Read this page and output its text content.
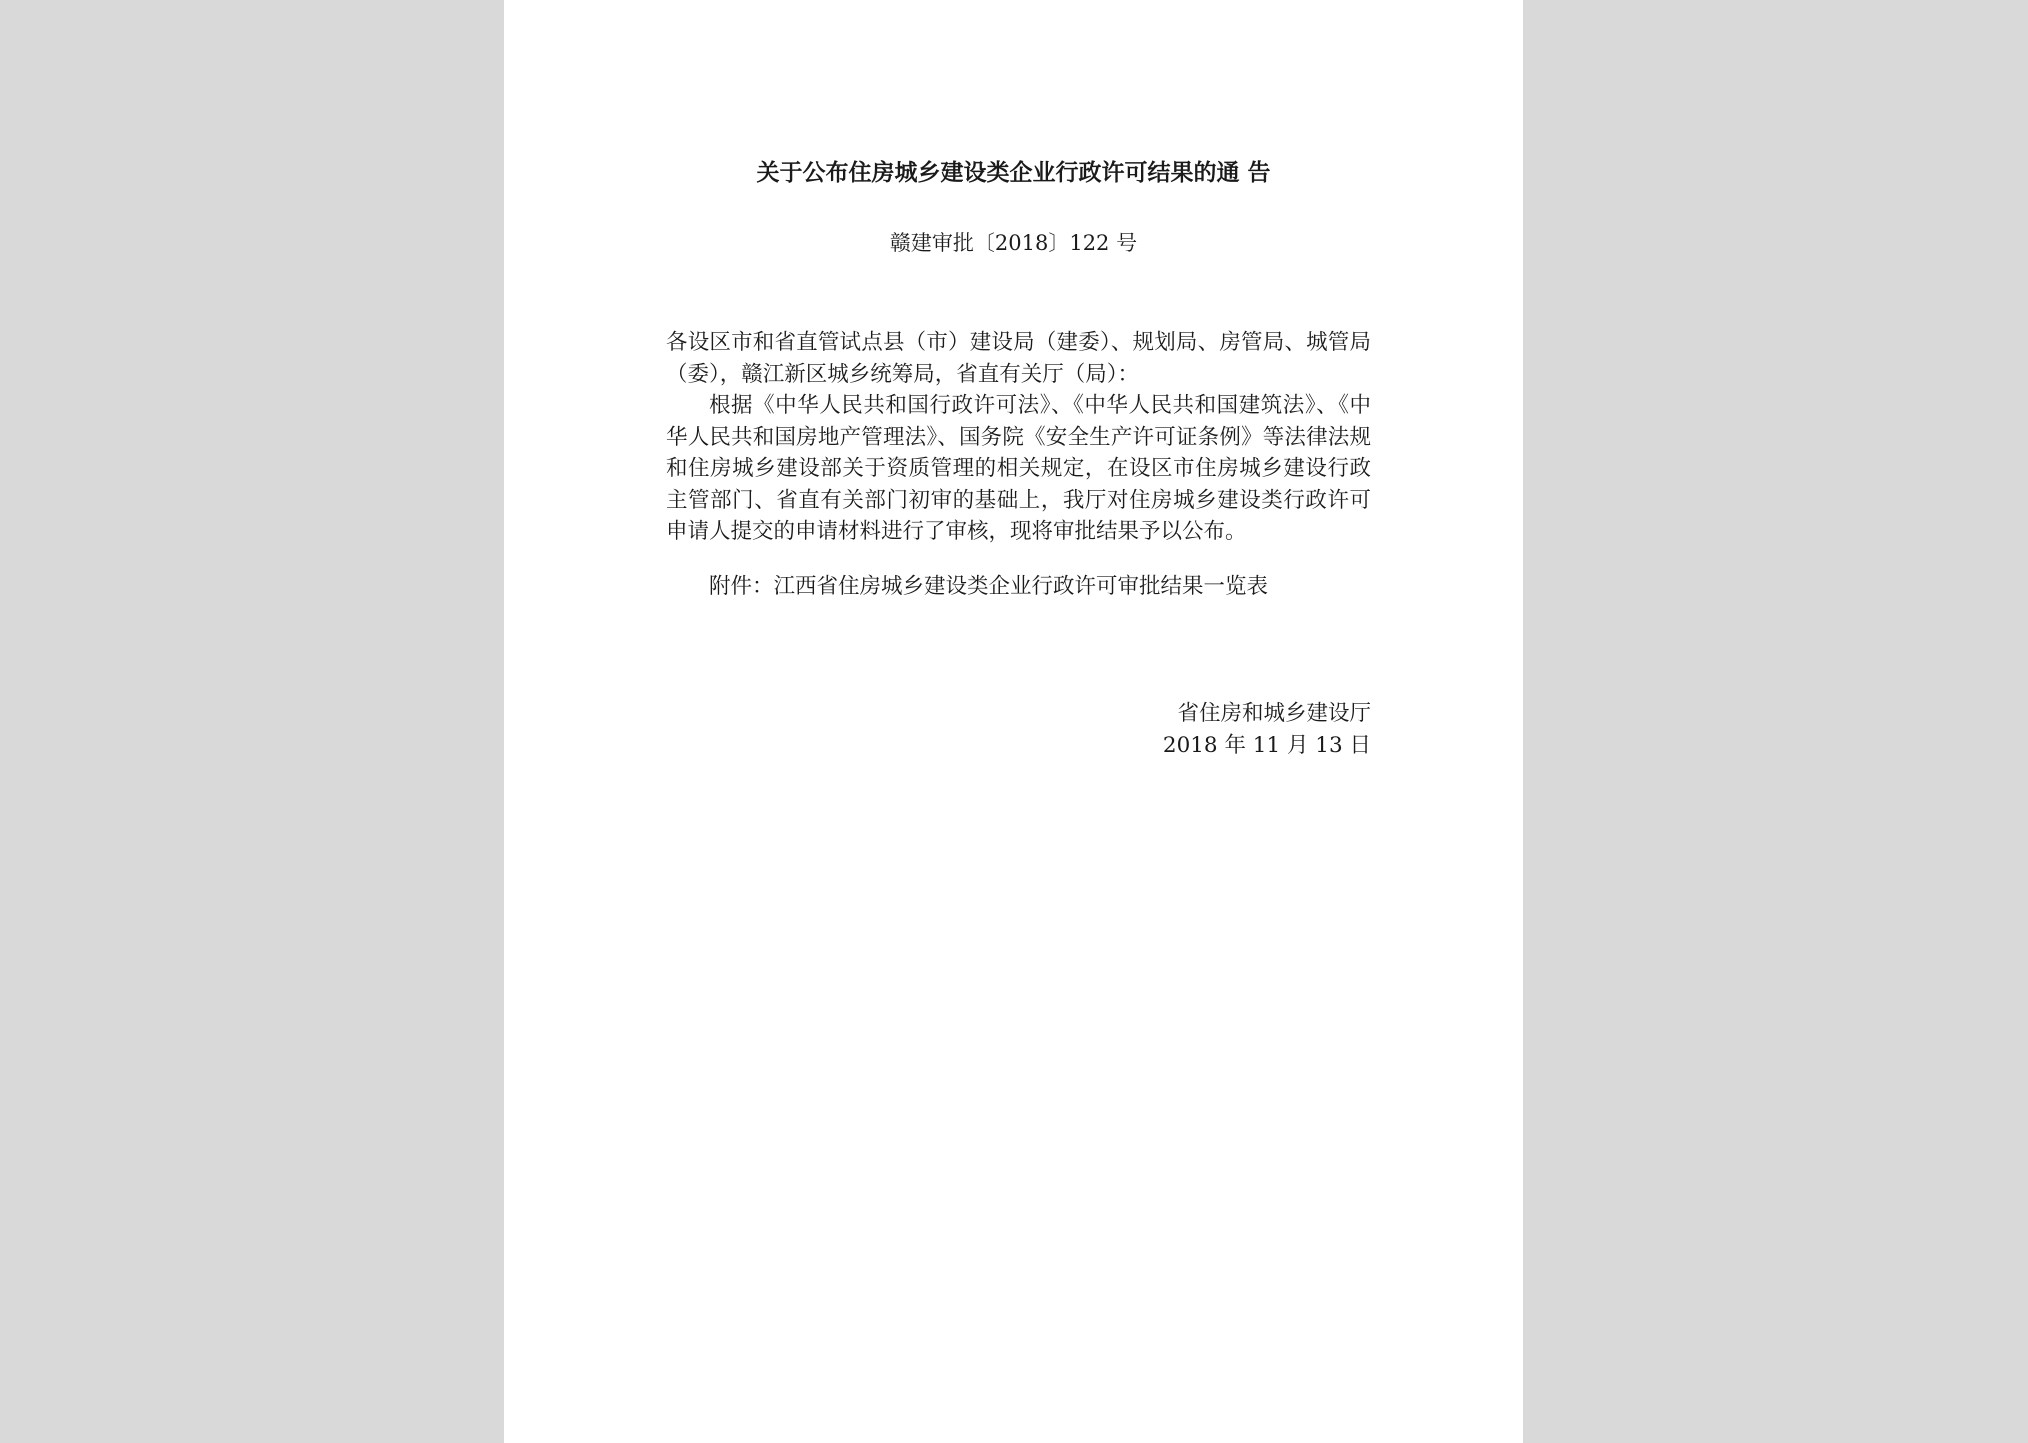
关于公布住房城乡建设类企业行政许可结果的通 告
赣建审批〔2018〕122 号

各设区市和省直管试点县（市）建设局（建委）、规划局、房管局、城管局（委），赣江新区城乡统筹局，省直有关厅（局）：

根据《中华人民共和国行政许可法》、《中华人民共和国建筑法》、《中华人民共和国房地产管理法》、国务院《安全生产许可证条例》等法律法规和住房城乡建设部关于资质管理的相关规定，在设区市住房城乡建设行政主管部门、省直有关部门初审的基础上，我厅对住房城乡建设类行政许可申请人提交的申请材料进行了审核，现将审批结果予以公布。

附件：江西省住房城乡建设类企业行政许可审批结果一览表

省住房和城乡建设厅
2018 年 11 月 13 日
